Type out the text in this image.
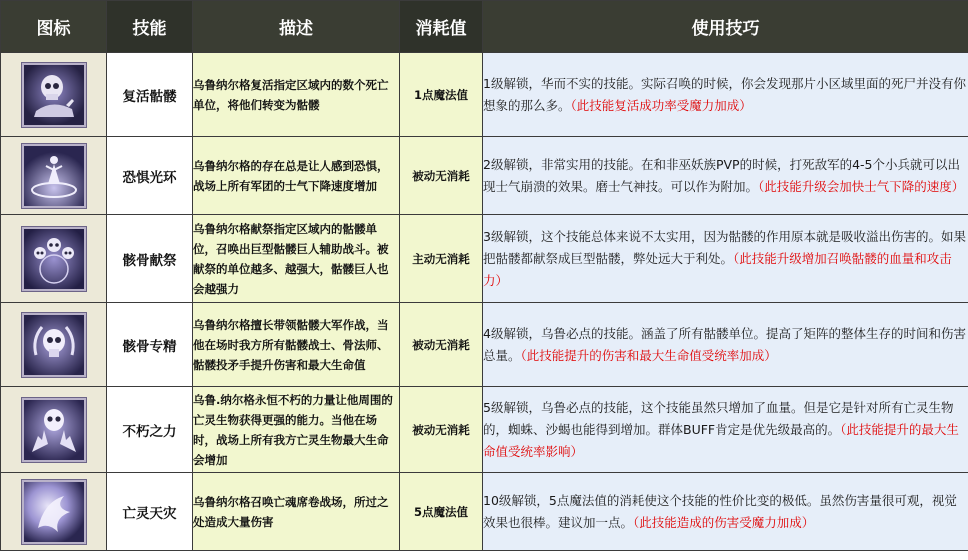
图标	技能	描述	消耗值	使用技巧

	复活骷髅	乌鲁纳尔格复活指定区域内的数个死亡单位，将他们转变为骷髅	1点魔法值	1级解锁，华而不实的技能。实际召唤的时候，你会发现那片小区域里面的死尸并没有你想象的那么多。（此技能复活成功率受魔力加成）

	恐惧光环	乌鲁纳尔格的存在总是让人感到恐惧，战场上所有军团的士气下降速度增加	被动无消耗	2级解锁，非常实用的技能。在和非巫妖族PVP的时候，打死敌军的4-5个小兵就可以出现士气崩溃的效果。磨士气神技。可以作为附加。（此技能升级会加快士气下降的速度）

	骸骨献祭	乌鲁纳尔格献祭指定区域内的骷髅单位，召唤出巨型骷髅巨人辅助战斗。被献祭的单位越多、越强大，骷髅巨人也会越强力	主动无消耗	3级解锁，这个技能总体来说不太实用，因为骷髅的作用原本就是吸收溢出伤害的。如果把骷髅都献祭成巨型骷髅，弊处远大于利处。（此技能升级增加召唤骷髅的血量和攻击力）

	骸骨专精	乌鲁纳尔格擅长带领骷髅大军作战，当他在场时我方所有骷髅战士、骨法师、骷髅投矛手提升伤害和最大生命值	被动无消耗	4级解锁，乌鲁必点的技能。涵盖了所有骷髅单位。提高了矩阵的整体生存的时间和伤害总量。（此技能提升的伤害和最大生命值受统率加成）

	不朽之力	乌鲁.纳尔格永恒不朽的力量让他周围的亡灵生物获得更强的能力。当他在场时，战场上所有我方亡灵生物最大生命会增加	被动无消耗	5级解锁，乌鲁必点的技能，这个技能虽然只增加了血量。但是它是针对所有亡灵生物的，蜘蛛、沙蝎也能得到增加。群体BUFF肯定是优先级最高的。（此技能提升的最大生命值受统率影响）

	亡灵天灾	乌鲁纳尔格召唤亡魂席卷战场，所过之处造成大量伤害	5点魔法值	10级解锁，5点魔法值的消耗使这个技能的性价比变的极低。虽然伤害量很可观，视觉效果也很棒。建议加一点。（此技能造成的伤害受魔力加成）
